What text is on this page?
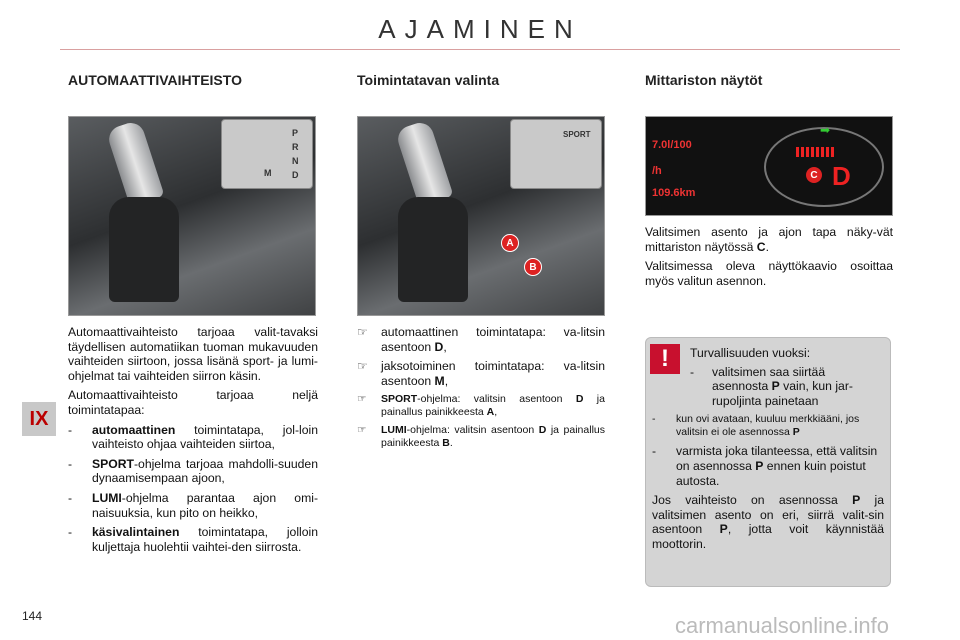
AJAMINEN
IX
144
AUTOMAATTIVAIHTEISTO
P
R
N
D
M

Automaattivaihteisto tarjoaa valit-tavaksi täydellisen automatiikan tuoman mukavuuden vaihteiden siirtoon, jossa lisänä sport- ja lumi-ohjelmat tai vaihteiden siirron käsin.

Automaattivaihteisto tarjoaa neljä toimintatapaa:

- automaattinen toimintatapa, jol-loin vaihteisto ohjaa vaihteiden siirtoa,
- SPORT-ohjelma tarjoaa mahdolli-suuden dynaamisempaan ajoon,
- LUMI-ohjelma parantaa ajon omi-naisuuksia, kun pito on heikko,
- käsivalintainen toimintatapa, jolloin kuljettaja huolehtii vaihtei-den siirrosta.
Toimintatavan valinta
SPORT
A
B
☞ automaattinen toimintatapa: va-litsin asentoon D,
☞ jaksotoiminen toimintatapa: va-litsin asentoon M,
☞ SPORT-ohjelma: valitsin asentoon D ja painallus painikkeesta A,
☞ LUMI-ohjelma: valitsin asentoon D ja painallus painikkeesta B.
Mittariston näytöt
7.0l/100
/h
109.6km
C D
➡

Valitsimen asento ja ajon tapa näky-vät mittariston näytössä C.

Valitsimessa oleva näyttökaavio osoittaa myös valitun asennon.

!	Turvallisuuden vuoksi:
- valitsimen saa siirtää asennosta P vain, kun jar-rupoljinta painetaan
- kun ovi avataan, kuuluu merkkiääni, jos valitsin ei ole asennossa P
- varmista joka tilanteessa, että valitsin on asennossa P ennen kuin poistut autosta.

Jos vaihteisto on asennossa P ja valitsimen asento on eri, siirrä valit-sin asentoon P, jotta voit käynnistää moottorin.

carmanualsonline.info
